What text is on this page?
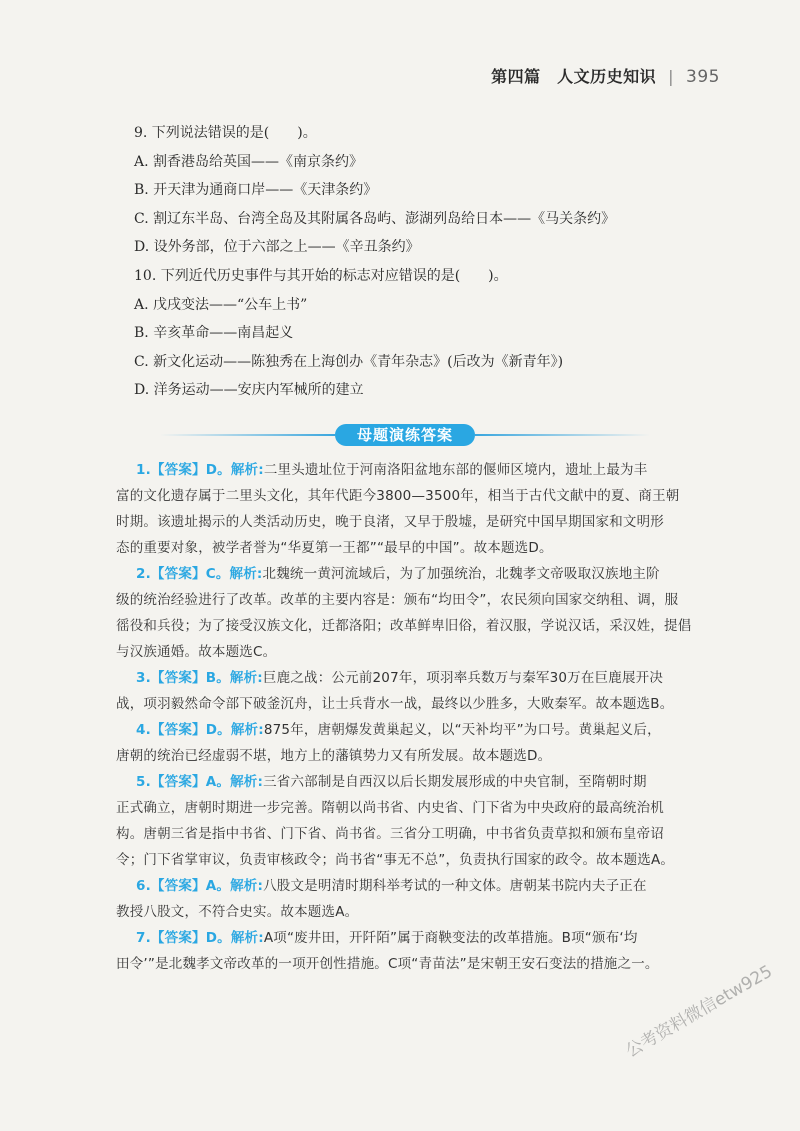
第四篇　人文历史知识 | 395
9. 下列说法错误的是(　　)。
A. 割香港岛给英国——《南京条约》
B. 开天津为通商口岸——《天津条约》
C. 割辽东半岛、台湾全岛及其附属各岛屿、澎湖列岛给日本——《马关条约》
D. 设外务部，位于六部之上——《辛丑条约》
10. 下列近代历史事件与其开始的标志对应错误的是(　　)。
A. 戊戌变法——“公车上书”
B. 辛亥革命——南昌起义
C. 新文化运动——陈独秀在上海创办《青年杂志》(后改为《新青年》)
D. 洋务运动——安庆内军械所的建立
母题演练答案
1.【答案】D。解析:二里头遗址位于河南洛阳盆地东部的偃师区境内，遗址上最为丰
富的文化遗存属于二里头文化，其年代距今3800—3500年，相当于古代文献中的夏、商王朝
时期。该遗址揭示的人类活动历史，晚于良渚，又早于殷墟，是研究中国早期国家和文明形
态的重要对象，被学者誉为“华夏第一王都”“最早的中国”。故本题选D。
2.【答案】C。解析:北魏统一黄河流域后，为了加强统治，北魏孝文帝吸取汉族地主阶
级的统治经验进行了改革。改革的主要内容是：颁布“均田令”，农民须向国家交纳租、调，服
徭役和兵役；为了接受汉族文化，迁都洛阳；改革鲜卑旧俗，着汉服，学说汉话，采汉姓，提倡
与汉族通婚。故本题选C。
3.【答案】B。解析:巨鹿之战：公元前207年，项羽率兵数万与秦军30万在巨鹿展开决
战，项羽毅然命令部下破釜沉舟，让士兵背水一战，最终以少胜多，大败秦军。故本题选B。
4.【答案】D。解析:875年，唐朝爆发黄巢起义，以“天补均平”为口号。黄巢起义后，
唐朝的统治已经虚弱不堪，地方上的藩镇势力又有所发展。故本题选D。
5.【答案】A。解析:三省六部制是自西汉以后长期发展形成的中央官制，至隋朝时期
正式确立，唐朝时期进一步完善。隋朝以尚书省、内史省、门下省为中央政府的最高统治机
构。唐朝三省是指中书省、门下省、尚书省。三省分工明确，中书省负责草拟和颁布皇帝诏
令；门下省掌审议，负责审核政令；尚书省“事无不总”，负责执行国家的政令。故本题选A。
6.【答案】A。解析:八股文是明清时期科举考试的一种文体。唐朝某书院内夫子正在
教授八股文，不符合史实。故本题选A。
7.【答案】D。解析:A项“废井田，开阡陌”属于商鞅变法的改革措施。B项“颁布‘均
田令’”是北魏孝文帝改革的一项开创性措施。C项“青苗法”是宋朝王安石变法的措施之一。
公考资料微信etw925
